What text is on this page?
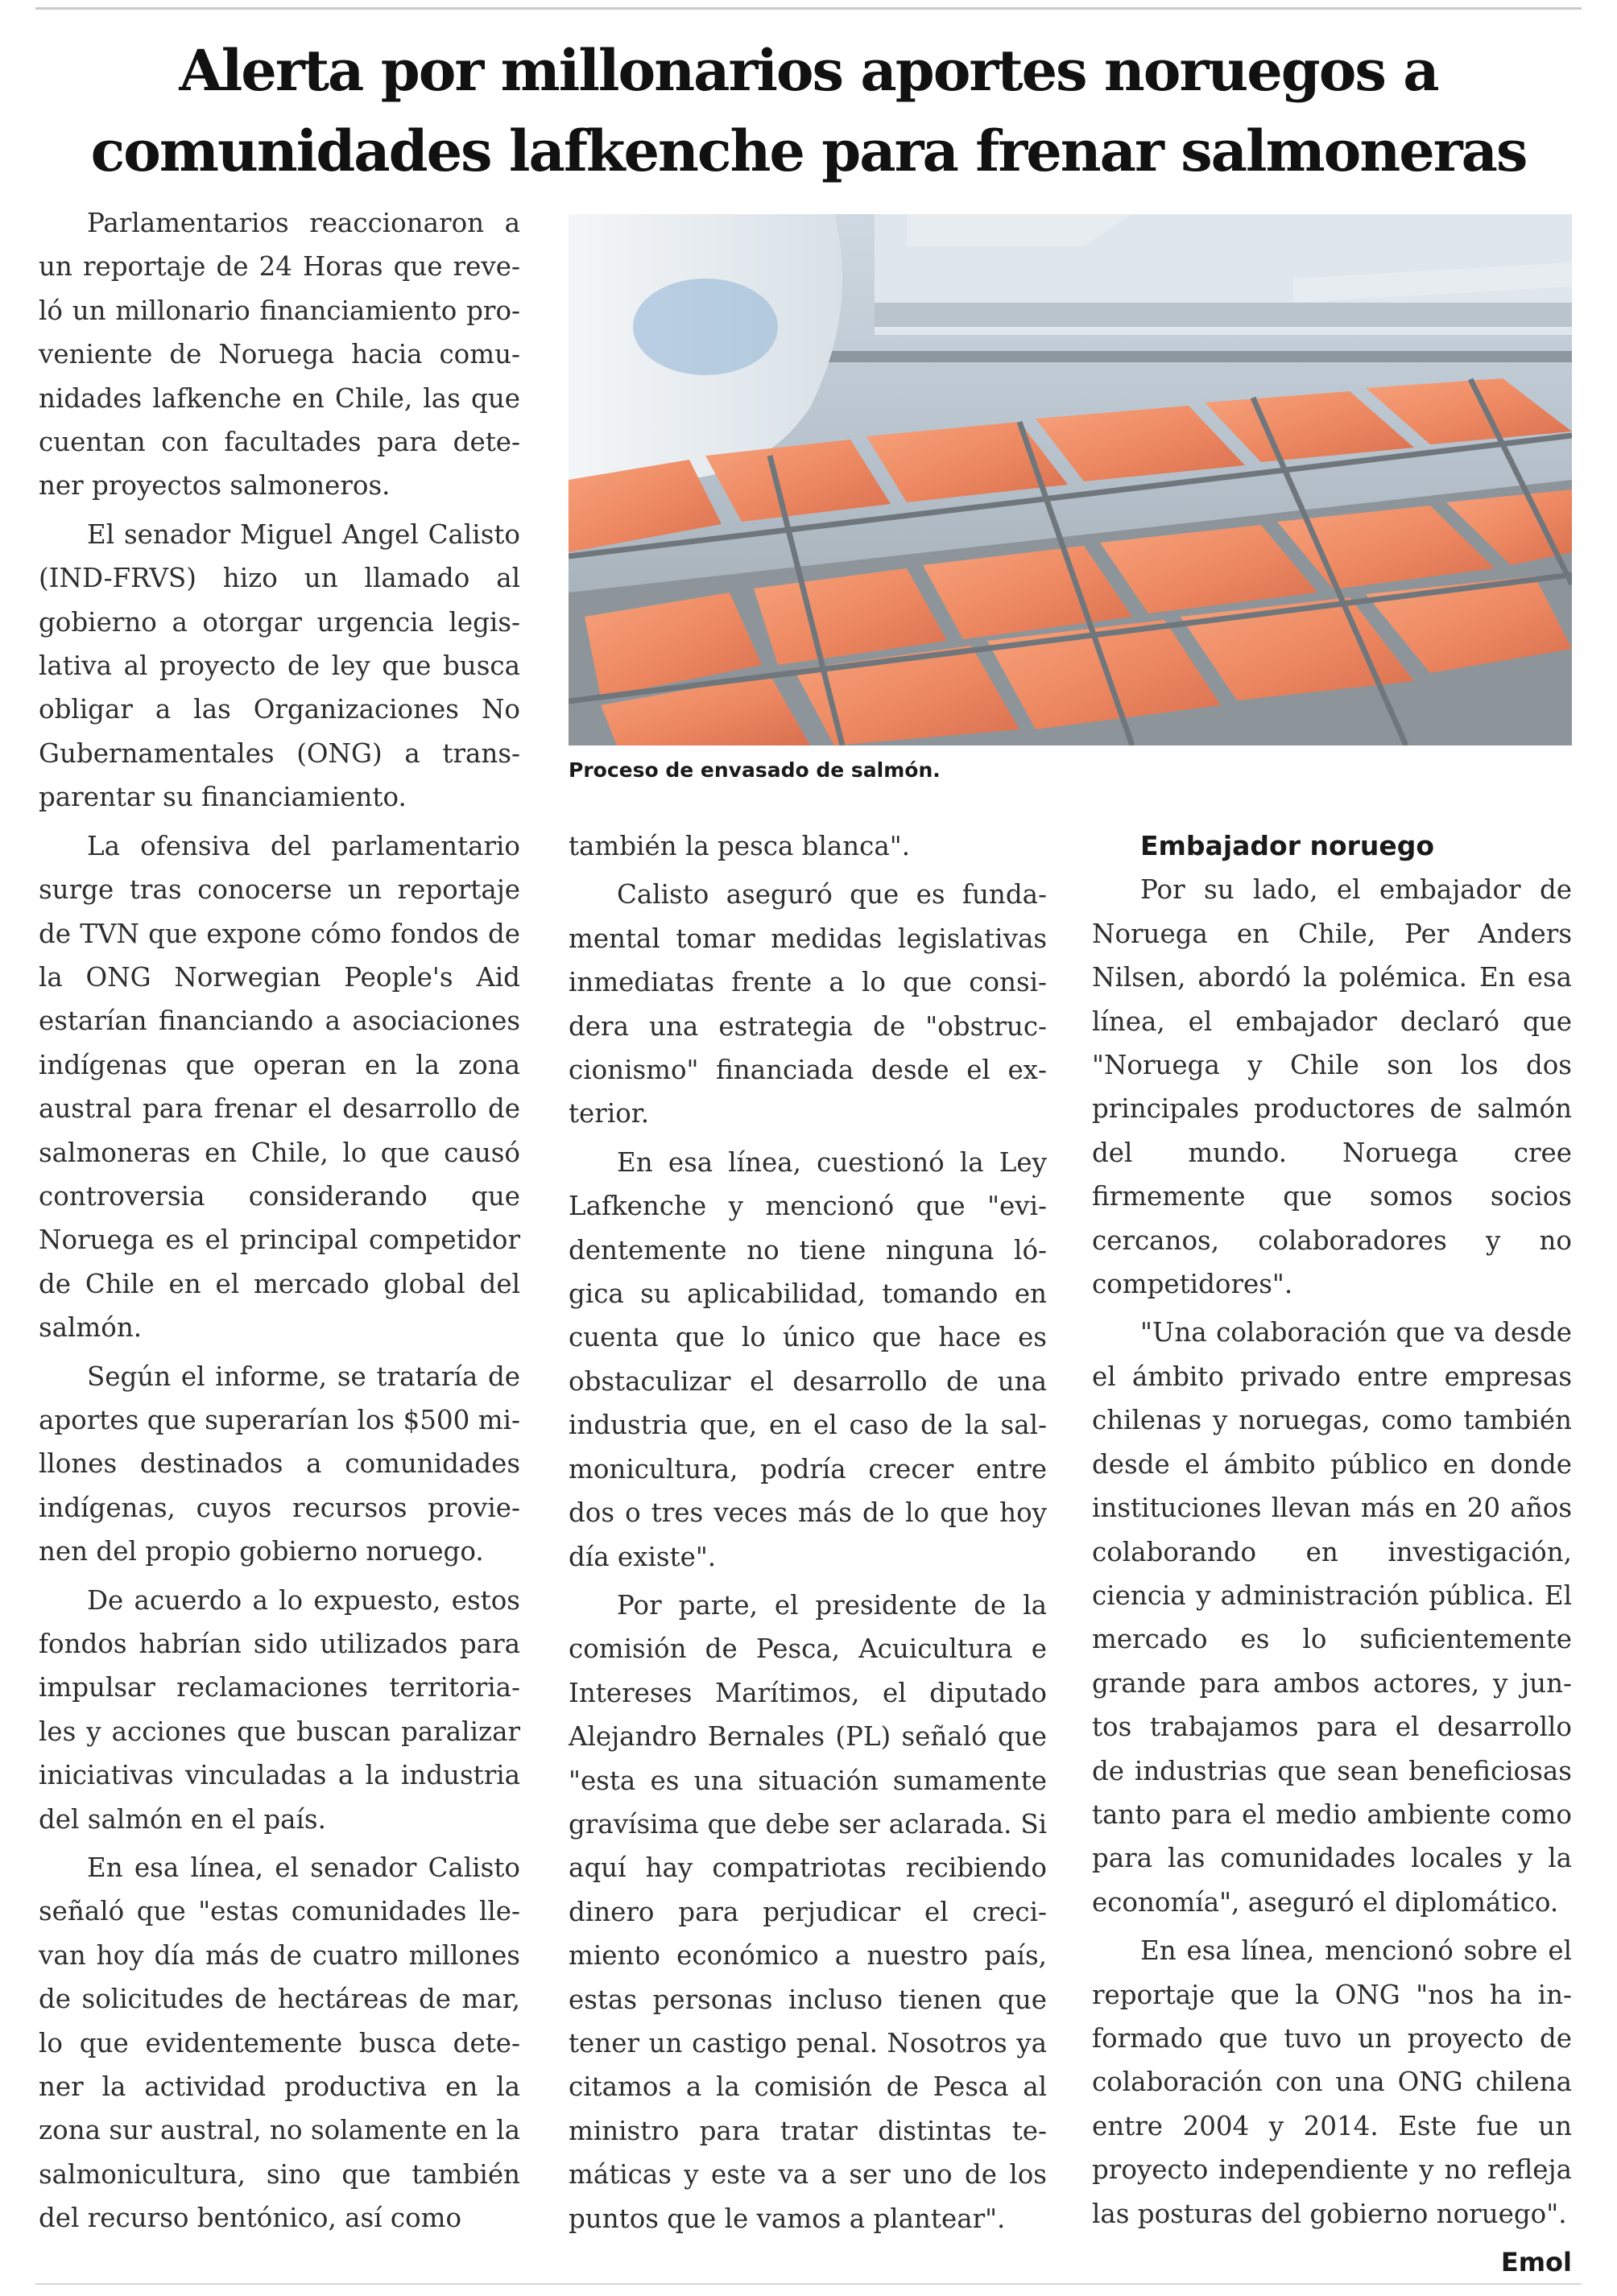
Alerta por millonarios aportes noruegos a
comunidades lafkenche para frenar salmoneras

Proceso de envasado de salmón.

Parlamentarios reaccionaron a un reportaje de 24 Horas que reveló un millonario financiamiento proveniente de Noruega hacia comunidades lafkenche en Chile, las que cuentan con facultades para detener proyectos salmoneros.

El senador Miguel Angel Calisto (IND-FRVS) hizo un llamado al gobierno a otorgar urgencia legislativa al proyecto de ley que busca obligar a las Organizaciones No Gubernamentales (ONG) a transparentar su financiamiento.

La ofensiva del parlamentario surge tras conocerse un reportaje de TVN que expone cómo fondos de la ONG Norwegian People's Aid estarían financiando a asociaciones indígenas que operan en la zona austral para frenar el desarrollo de salmoneras en Chile, lo que causó controversia considerando que Noruega es el principal competidor de Chile en el mercado global del salmón.

Según el informe, se trataría de aportes que superarían los $500 millones destinados a comunidades indígenas, cuyos recursos provienen del propio gobierno noruego.

De acuerdo a lo expuesto, estos fondos habrían sido utilizados para impulsar reclamaciones territoriales y acciones que buscan paralizar iniciativas vinculadas a la industria del salmón en el país.

En esa línea, el senador Calisto señaló que "estas comunidades llevan hoy día más de cuatro millones de solicitudes de hectáreas de mar, lo que evidentemente busca detener la actividad productiva en la zona sur austral, no solamente en la salmonicultura, sino que también del recurso bentónico, así como

también la pesca blanca".

Calisto aseguró que es fundamental tomar medidas legislativas inmediatas frente a lo que considera una estrategia de "obstruccionismo" financiada desde el exterior.

En esa línea, cuestionó la Ley Lafkenche y mencionó que "evidentemente no tiene ninguna lógica su aplicabilidad, tomando en cuenta que lo único que hace es obstaculizar el desarrollo de una industria que, en el caso de la salmonicultura, podría crecer entre dos o tres veces más de lo que hoy día existe".

Por parte, el presidente de la comisión de Pesca, Acuicultura e Intereses Marítimos, el diputado Alejandro Bernales (PL) señaló que "esta es una situación sumamente gravísima que debe ser aclarada. Si aquí hay compatriotas recibiendo dinero para perjudicar el crecimiento económico a nuestro país, estas personas incluso tienen que tener un castigo penal. Nosotros ya citamos a la comisión de Pesca al ministro para tratar distintas temáticas y este va a ser uno de los puntos que le vamos a plantear".

Embajador noruego

Por su lado, el embajador de Noruega en Chile, Per Anders Nilsen, abordó la polémica. En esa línea, el embajador declaró que "Noruega y Chile son los dos principales productores de salmón del mundo. Noruega cree firmemente que somos socios cercanos, colaboradores y no competidores".

"Una colaboración que va desde el ámbito privado entre empresas chilenas y noruegas, como también desde el ámbito público en donde instituciones llevan más en 20 años colaborando en investigación, ciencia y administración pública. El mercado es lo suficientemente grande para ambos actores, y juntos trabajamos para el desarrollo de industrias que sean beneficiosas tanto para el medio ambiente como para las comunidades locales y la economía", aseguró el diplomático.

En esa línea, mencionó sobre el reportaje que la ONG "nos ha informado que tuvo un proyecto de colaboración con una ONG chilena entre 2004 y 2014. Este fue un proyecto independiente y no refleja las posturas del gobierno noruego".

Emol
